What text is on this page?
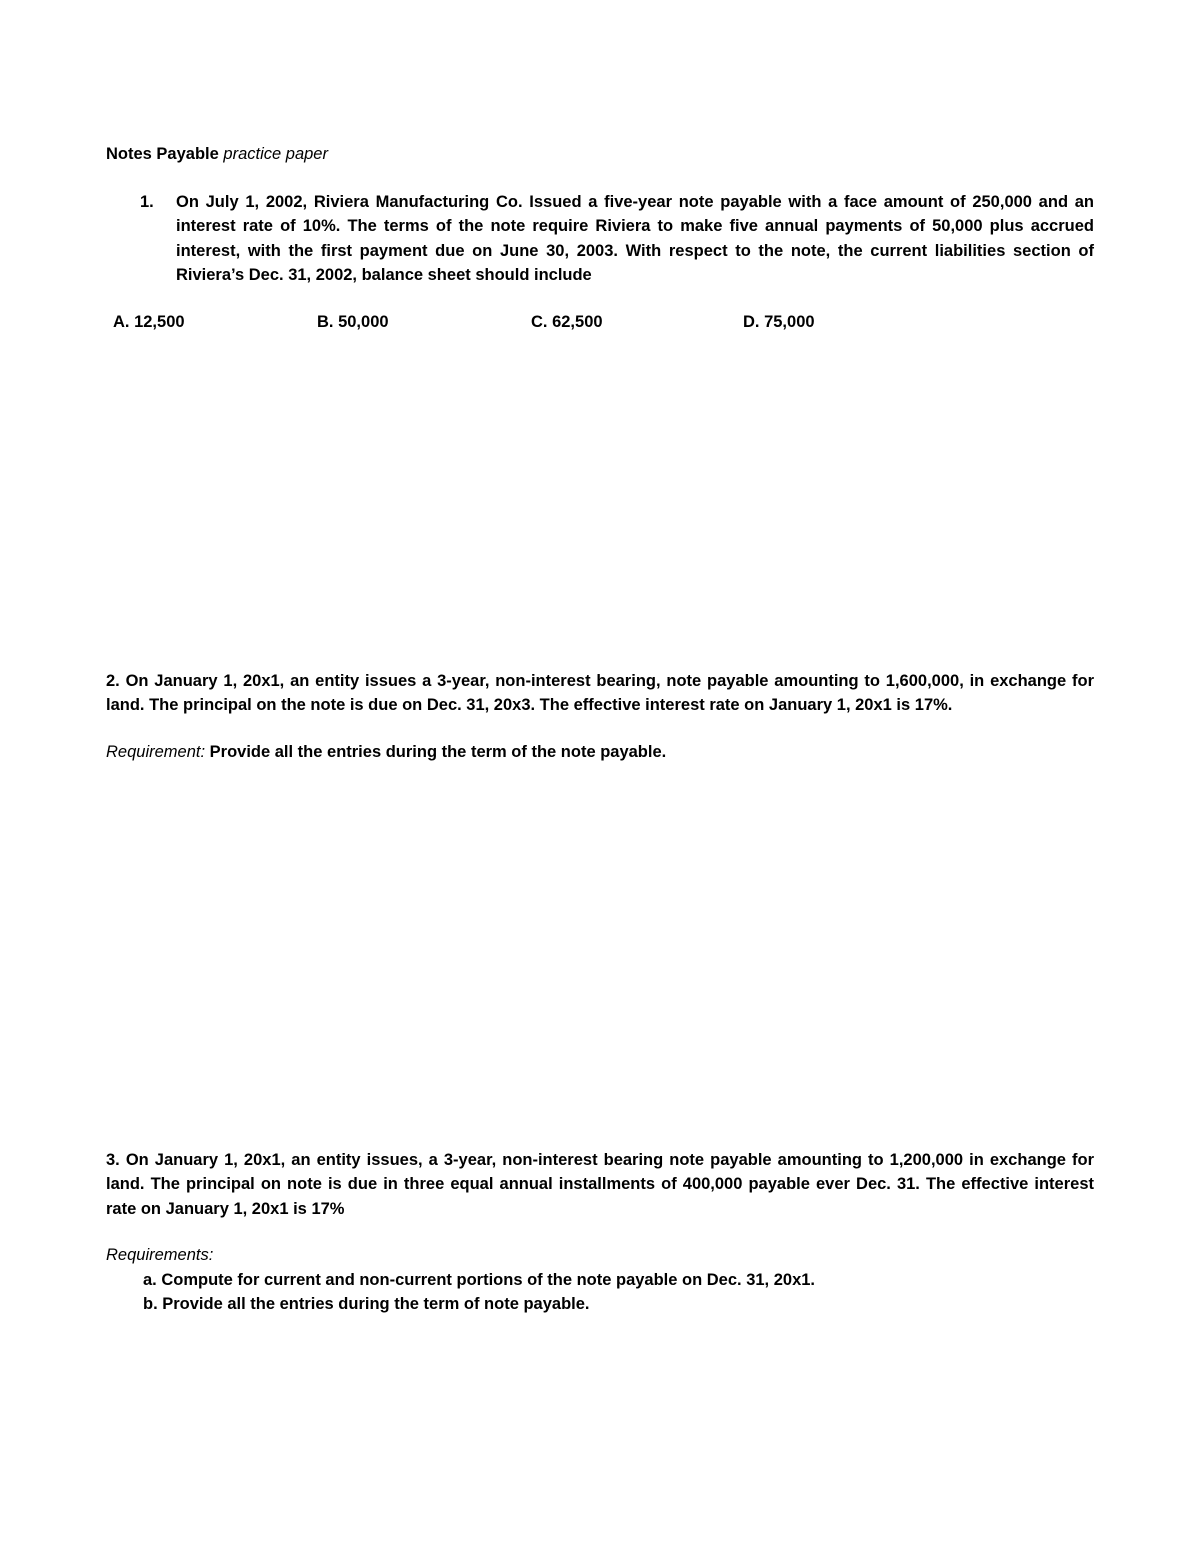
Notes Payable practice paper
1.	On July 1, 2002, Riviera Manufacturing Co. Issued a five-year note payable with a face amount of 250,000 and an interest rate of 10%. The terms of the note require Riviera to make five annual payments of 50,000 plus accrued interest, with the first payment due on June 30, 2003. With respect to the note, the current liabilities section of Riviera’s Dec. 31, 2002, balance sheet should include
A. 12,500	B. 50,000	C. 62,500	D. 75,000
2. On January 1, 20x1, an entity issues a 3-year, non-interest bearing, note payable amounting to 1,600,000, in exchange for land. The principal on the note is due on Dec. 31, 20x3. The effective interest rate on January 1, 20x1 is 17%.
Requirement: Provide all the entries during the term of the note payable.
3. On January 1, 20x1, an entity issues, a 3-year, non-interest bearing note payable amounting to 1,200,000 in exchange for land. The principal on note is due in three equal annual installments of 400,000 payable ever Dec. 31. The effective interest rate on January 1, 20x1 is 17%
Requirements:
a. Compute for current and non-current portions of the note payable on Dec. 31, 20x1.
b. Provide all the entries during the term of note payable.
